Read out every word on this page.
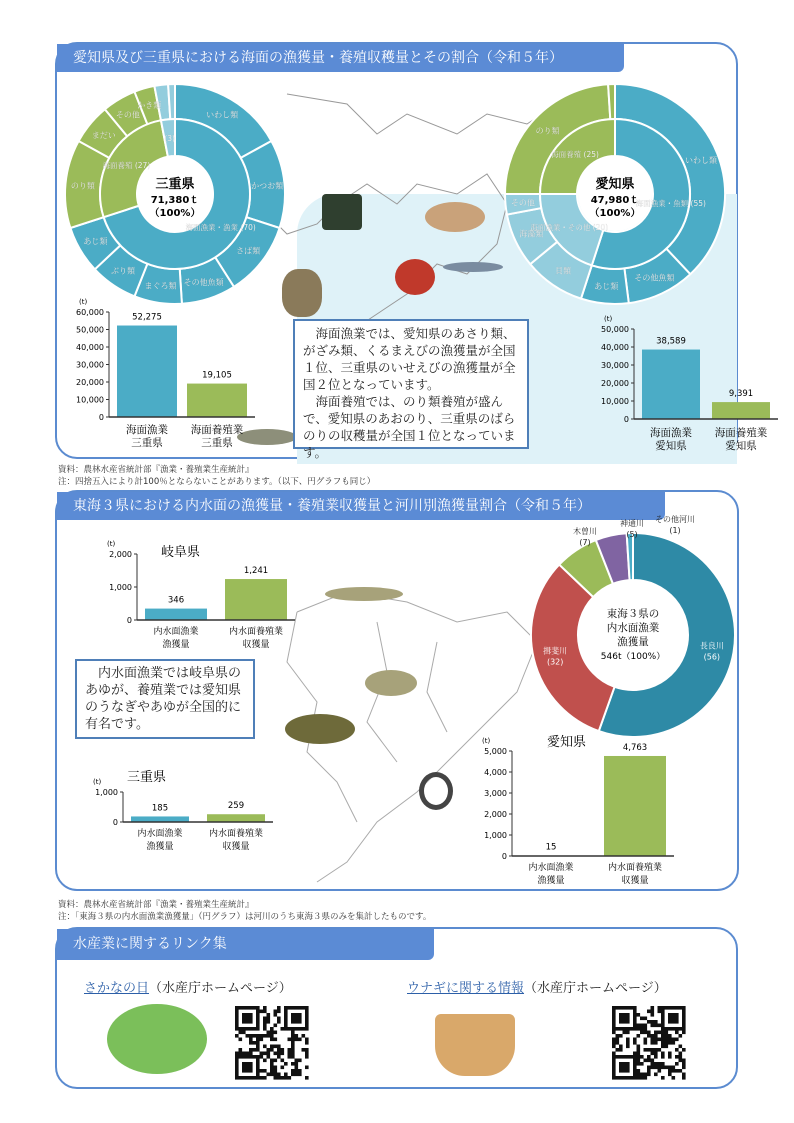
愛知県及び三重県における海面の漁獲量・養殖収穫量とその割合（令和５年）
いわし類
かつお類
さば類
その他魚類
まぐろ類
ぶり類
あじ類
のり類
まだい
その他
かき類
海面漁業・漁業 (70)
海面養殖 (27)
(3)
三重県
71,380ｔ
（100%）
いわし類
その他魚類
あじ類
貝類
海藻類
その他
のり類
海面漁業・魚類 (55)
海面漁業・その他 (20)
海面養殖 (25)
愛知県
47,980ｔ
（100%）
(t)
0
10,000
20,000
30,000
40,000
50,000
60,000
52,275
海面漁業
三重県
19,105
海面養殖業
三重県

海面漁業では、愛知県のあさり類、がざみ類、くるまえびの漁獲量が全国１位、三重県のいせえびの漁獲量が全国２位となっています。

海面養殖では、のり類養殖が盛んで、愛知県のあおのり、三重県のばらのりの収穫量が全国１位となっています。

(t)
0
10,000
20,000
30,000
40,000
50,000
38,589
海面漁業
愛知県
9,391
海面養殖業
愛知県
資料：農林水産省統計部『漁業・養殖業生産統計』
注：四捨五入により計100％とならないことがあります。（以下、円グラフも同じ）
東海３県における内水面の漁獲量・養殖業収獲量と河川別漁獲量割合（令和５年）
(t)
岐阜県
0
1,000
2,000
346
内水面漁業
漁獲量
1,241
内水面養殖業
収獲量

内水面漁業では岐阜県のあゆが、養殖業では愛知県のうなぎやあゆが全国的に有名です。

(t) 三重県
0
1,000
185
内水面漁業
漁獲量
259
内水面養殖業
収獲量
長良川
(56)
揖斐川
(32)
木曽川
(7)
神通川
(5)
その他河川
(1)
東海３県の
内水面漁業
漁獲量
546t（100%）
(t)	愛知県
0
1,000
2,000
3,000
4,000
5,000
15
内水面漁業
漁獲量
4,763
内水面養殖業
収獲量
資料：農林水産省統計部『漁業・養殖業生産統計』
注：「東海３県の内水面漁業漁獲量」（円グラフ）は河川のうち東海３県のみを集計したものです。
水産業に関するリンク集
さかなの日（水産庁ホームページ）	ウナギに関する情報（水産庁ホームページ）
